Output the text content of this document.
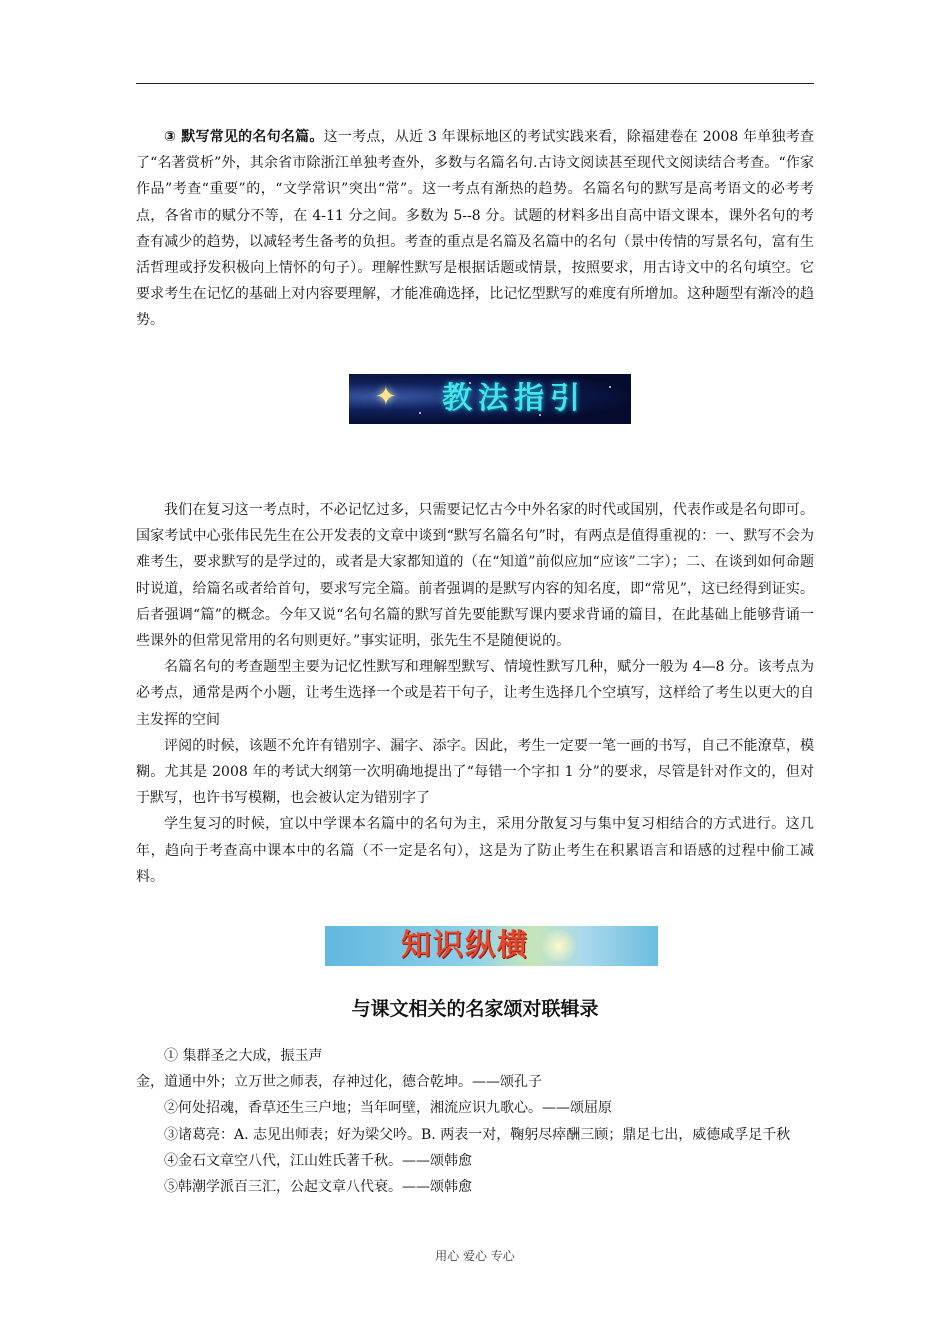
③ 默写常见的名句名篇。这一考点，从近 3 年课标地区的考试实践来看，除福建卷在 2008 年单独考查了“名著赏析”外，其余省市除浙江单独考查外，多数与名篇名句.古诗文阅读甚至现代文阅读结合考查。“作家作品”考查“重要”的，“文学常识”突出“常”。这一考点有渐热的趋势。名篇名句的默写是高考语文的必考考点，各省市的赋分不等，在 4-11 分之间。多数为 5--8 分。试题的材料多出自高中语文课本，课外名句的考查有减少的趋势，以减轻考生备考的负担。考查的重点是名篇及名篇中的名句（景中传情的写景名句，富有生活哲理或抒发积极向上情怀的句子）。理解性默写是根据话题或情景，按照要求，用古诗文中的名句填空。它要求考生在记忆的基础上对内容要理解，才能准确选择，比记忆型默写的难度有所增加。这种题型有渐冷的趋势。

✦	教法指引

我们在复习这一考点时，不必记忆过多，只需要记忆古今中外名家的时代或国别，代表作或是名句即可。国家考试中心张伟民先生在公开发表的文章中谈到“默写名篇名句”时，有两点是值得重视的：一、默写不会为难考生，要求默写的是学过的，或者是大家都知道的（在“知道”前似应加“应该”二字）；二、在谈到如何命题时说道，给篇名或者给首句，要求写完全篇。前者强调的是默写内容的知名度，即“常见”，这已经得到证实。后者强调“篇”的概念。今年又说“名句名篇的默写首先要能默写课内要求背诵的篇目，在此基础上能够背诵一些课外的但常见常用的名句则更好。”事实证明，张先生不是随便说的。

名篇名句的考查题型主要为记忆性默写和理解型默写、情境性默写几种，赋分一般为 4—8 分。该考点为必考点，通常是两个小题，让考生选择一个或是若干句子，让考生选择几个空填写，这样给了考生以更大的自主发挥的空间

评阅的时候，该题不允许有错别字、漏字、添字。因此，考生一定要一笔一画的书写，自己不能潦草，模糊。尤其是 2008 年的考试大纲第一次明确地提出了“每错一个字扣 1 分”的要求，尽管是针对作文的，但对于默写，也许书写模糊，也会被认定为错别字了

学生复习的时候，宜以中学课本名篇中的名句为主，采用分散复习与集中复习相结合的方式进行。这几年，趋向于考查高中课本中的名篇（不一定是名句），这是为了防止考生在积累语言和语感的过程中偷工减料。

知识纵横
与课文相关的名家颂对联辑录

① 集群圣之大成，振玉声

金，道通中外；立万世之师表，存神过化，德合乾坤。——颂孔子

②何处招魂，香草还生三户地；当年呵壁，湘流应识九歌心。——颂屈原

③诸葛亮：A. 志见出师表；好为梁父吟。B. 两表一对，鞠躬尽瘁酬三顾；鼎足七出，威德咸孚足千秋

④金石文章空八代，江山姓氏著千秋。——颂韩愈

⑤韩潮学派百三汇，公起文章八代衰。——颂韩愈

用心 爱心 专心
